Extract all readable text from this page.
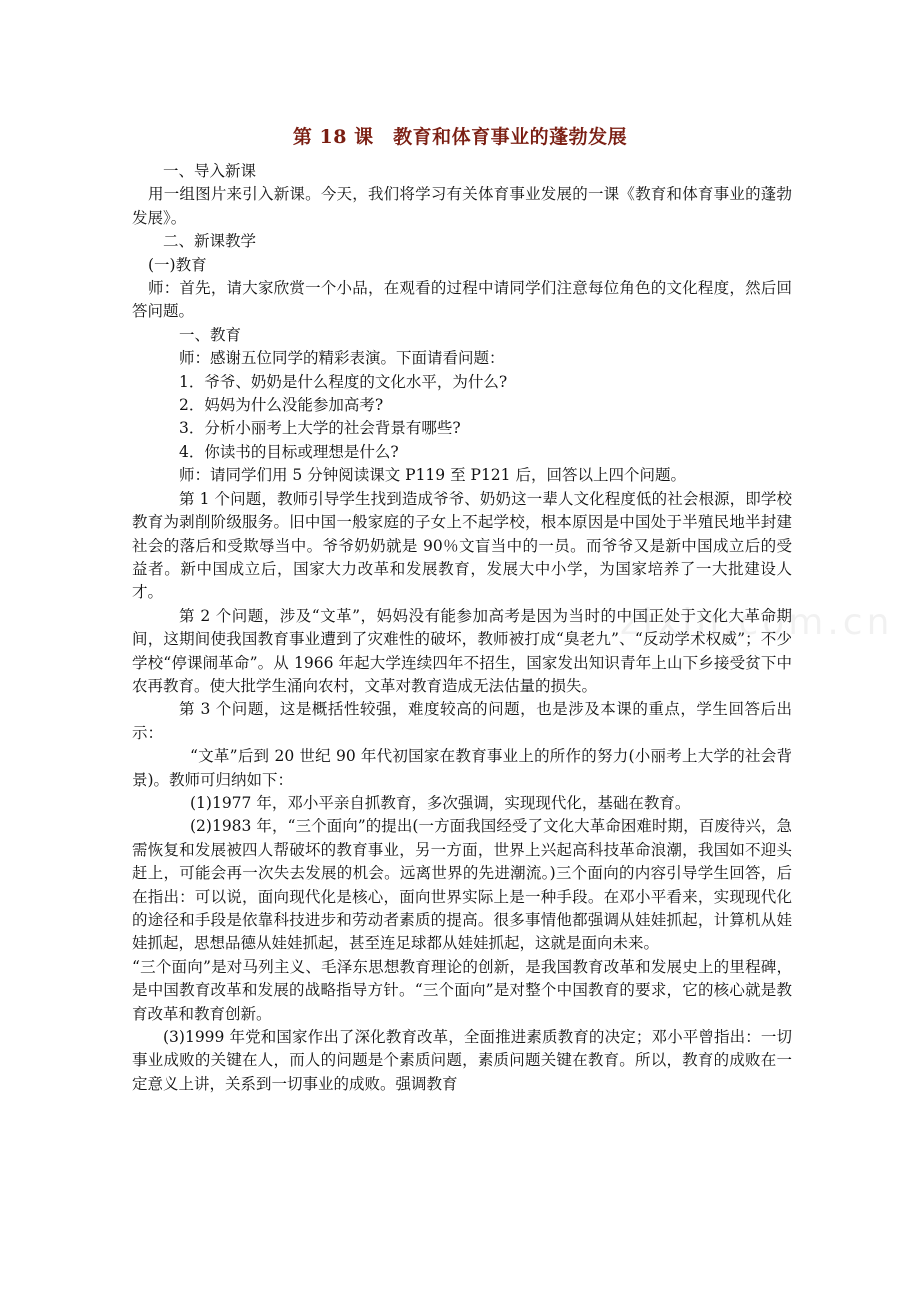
第 18 课　教育和体育事业的蓬勃发展
zixin.com.cn

一、导入新课

用一组图片来引入新课。今天，我们将学习有关体育事业发展的一课《教育和体育事业的蓬勃发展》。

二、新课教学

(一)教育

师：首先，请大家欣赏一个小品，在观看的过程中请同学们注意每位角色的文化程度，然后回答问题。

一、教育

师：感谢五位同学的精彩表演。下面请看问题：

1．爷爷、奶奶是什么程度的文化水平，为什么?

2．妈妈为什么没能参加高考?

3．分析小丽考上大学的社会背景有哪些?

4．你读书的目标或理想是什么?

师：请同学们用 5 分钟阅读课文 P119 至 P121 后，回答以上四个问题。

第 1 个问题，教师引导学生找到造成爷爷、奶奶这一辈人文化程度低的社会根源，即学校教育为剥削阶级服务。旧中国一般家庭的子女上不起学校，根本原因是中国处于半殖民地半封建社会的落后和受欺辱当中。爷爷奶奶就是 90％文盲当中的一员。而爷爷又是新中国成立后的受益者。新中国成立后，国家大力改革和发展教育，发展大中小学，为国家培养了一大批建设人才。

第 2 个问题，涉及“文革”，妈妈没有能参加高考是因为当时的中国正处于文化大革命期间，这期间使我国教育事业遭到了灾难性的破坏，教师被打成“臭老九”、“反动学术权威”；不少学校“停课闹革命”。从 1966 年起大学连续四年不招生，国家发出知识青年上山下乡接受贫下中农再教育。使大批学生涌向农村，文革对教育造成无法估量的损失。

第 3 个问题，这是概括性较强，难度较高的问题，也是涉及本课的重点，学生回答后出示：

“文革”后到 20 世纪 90 年代初国家在教育事业上的所作的努力(小丽考上大学的社会背景)。教师可归纳如下：

(1)1977 年，邓小平亲自抓教育，多次强调，实现现代化，基础在教育。

(2)1983 年，“三个面向”的提出(一方面我国经受了文化大革命困难时期，百废待兴，急需恢复和发展被四人帮破坏的教育事业，另一方面，世界上兴起高科技革命浪潮，我国如不迎头赶上，可能会再一次失去发展的机会。远离世界的先进潮流。)三个面向的内容引导学生回答，后在指出：可以说，面向现代化是核心，面向世界实际上是一种手段。在邓小平看来，实现现代化的途径和手段是依靠科技进步和劳动者素质的提高。很多事情他都强调从娃娃抓起，计算机从娃娃抓起，思想品德从娃娃抓起，甚至连足球都从娃娃抓起，这就是面向未来。

“三个面向”是对马列主义、毛泽东思想教育理论的创新，是我国教育改革和发展史上的里程碑，是中国教育改革和发展的战略指导方针。“三个面向”是对整个中国教育的要求，它的核心就是教育改革和教育创新。

(3)1999 年党和国家作出了深化教育改革，全面推进素质教育的决定；邓小平曾指出：一切事业成败的关键在人，而人的问题是个素质问题，素质问题关键在教育。所以，教育的成败在一定意义上讲，关系到一切事业的成败。强调教育
